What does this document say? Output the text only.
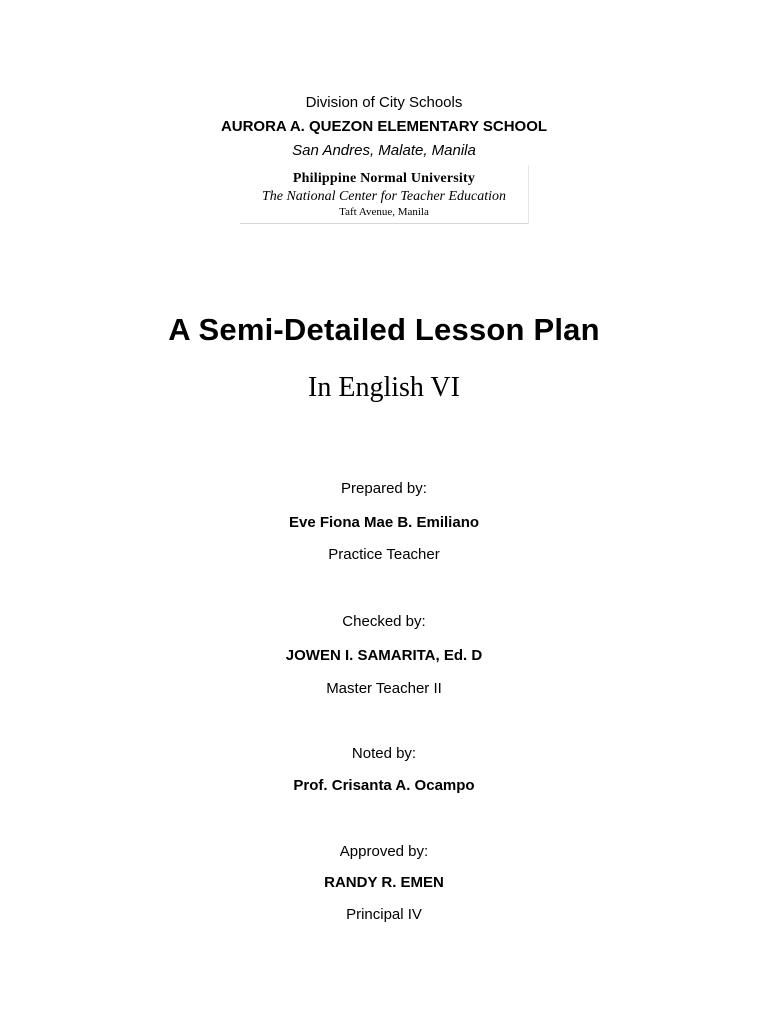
Division of City Schools
AURORA A. QUEZON ELEMENTARY SCHOOL
San Andres, Malate, Manila
Philippine Normal University
The National Center for Teacher Education
Taft Avenue, Manila
A Semi-Detailed Lesson Plan
In English VI
Prepared by:
Eve Fiona Mae B. Emiliano
Practice Teacher
Checked by:
JOWEN I. SAMARITA, Ed. D
Master Teacher II
Noted by:
Prof. Crisanta A. Ocampo
Approved by:
RANDY R. EMEN
Principal IV
